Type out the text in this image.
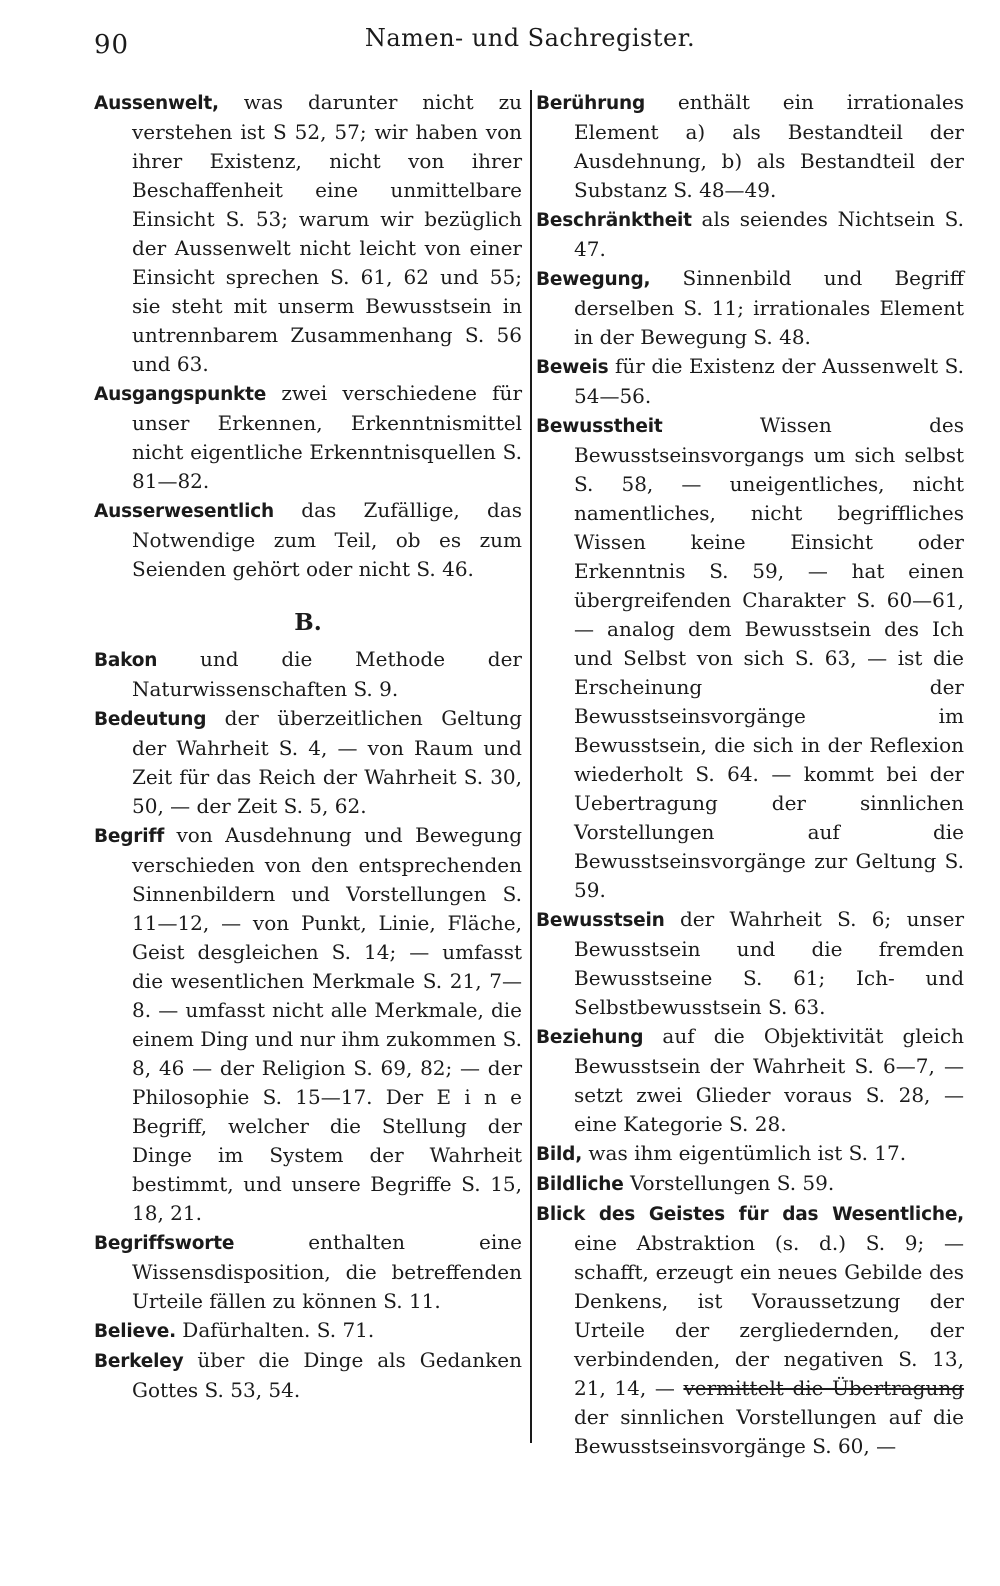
90	Namen- und Sachregister.

Aussenwelt, was darunter nicht zu verstehen ist S 52, 57; wir haben von ihrer Existenz, nicht von ihrer Beschaffenheit eine unmittelbare Einsicht S. 53; warum wir bezüglich der Aussenwelt nicht leicht von einer Einsicht sprechen S. 61, 62 und 55; sie steht mit unserm Bewusstsein in untrennbarem Zusammenhang S. 56 und 63.

Ausgangspunkte zwei verschiedene für unser Erkennen, Erkenntnismittel nicht eigentliche Erkenntnisquellen S. 81—82.

Ausserwesentlich das Zufällige, das Notwendige zum Teil, ob es zum Seienden gehört oder nicht S. 46.

B.

Bakon und die Methode der Naturwissenschaften S. 9.

Bedeutung der überzeitlichen Geltung der Wahrheit S. 4, — von Raum und Zeit für das Reich der Wahrheit S. 30, 50, — der Zeit S. 5, 62.

Begriff von Ausdehnung und Bewegung verschieden von den entsprechenden Sinnenbildern und Vorstellungen S. 11—12, — von Punkt, Linie, Fläche, Geist desgleichen S. 14; — umfasst die wesentlichen Merkmale S. 21, 7—8. — umfasst nicht alle Merkmale, die einem Ding und nur ihm zukommen S. 8, 46 — der Religion S. 69, 82; — der Philosophie S. 15—17. Der E i n e Begriff, welcher die Stellung der Dinge im System der Wahrheit bestimmt, und unsere Begriffe S. 15, 18, 21.

Begriffsworte	enthalten eine Wissensdisposition, die betreffenden Urteile fällen zu können S. 11.

Believe. Dafürhalten. S. 71.

Berkeley über die Dinge als Gedanken Gottes S. 53, 54.

Berührung enthält ein irrationales Element a) als Bestandteil der Ausdehnung, b) als Bestandteil der Substanz S. 48—49.

Beschränktheit als seiendes Nichtsein S. 47.

Bewegung, Sinnenbild und Begriff derselben S. 11; irrationales Element in der Bewegung S. 48.

Beweis für die Existenz der Aussenwelt S. 54—56.

Bewusstheit	Wissen des Bewusstseinsvorgangs um sich selbst S. 58, — uneigentliches, nicht namentliches, nicht begriffliches Wissen keine Einsicht oder Erkenntnis S. 59, — hat einen übergreifenden Charakter S. 60—61, — analog dem Bewusstsein des Ich und Selbst von sich S. 63, — ist die Erscheinung der Bewusstseinsvorgänge im Bewusstsein, die sich in der Reflexion wiederholt S. 64. — kommt bei der Uebertragung der sinnlichen Vorstellungen auf die Bewusstseinsvorgänge zur Geltung S. 59.

Bewusstsein der Wahrheit S. 6; unser Bewusstsein und die fremden Bewusstseine S. 61; Ich- und Selbstbewusstsein S. 63.

Beziehung auf die Objektivität gleich Bewusstsein der Wahrheit S. 6—7, — setzt zwei Glieder voraus S. 28, — eine Kategorie S. 28.

Bild, was ihm eigentümlich ist S. 17.

Bildliche Vorstellungen S. 59.

Blick des Geistes für das Wesentliche, eine Abstraktion (s. d.) S. 9; — schafft, erzeugt ein neues Gebilde des Denkens, ist Voraussetzung der Urteile der zergliedernden, der verbindenden, der negativen S. 13, 21, 14, — vermittelt die Übertragung der sinnlichen Vorstellungen auf die Bewusstseinsvorgänge S. 60, —
